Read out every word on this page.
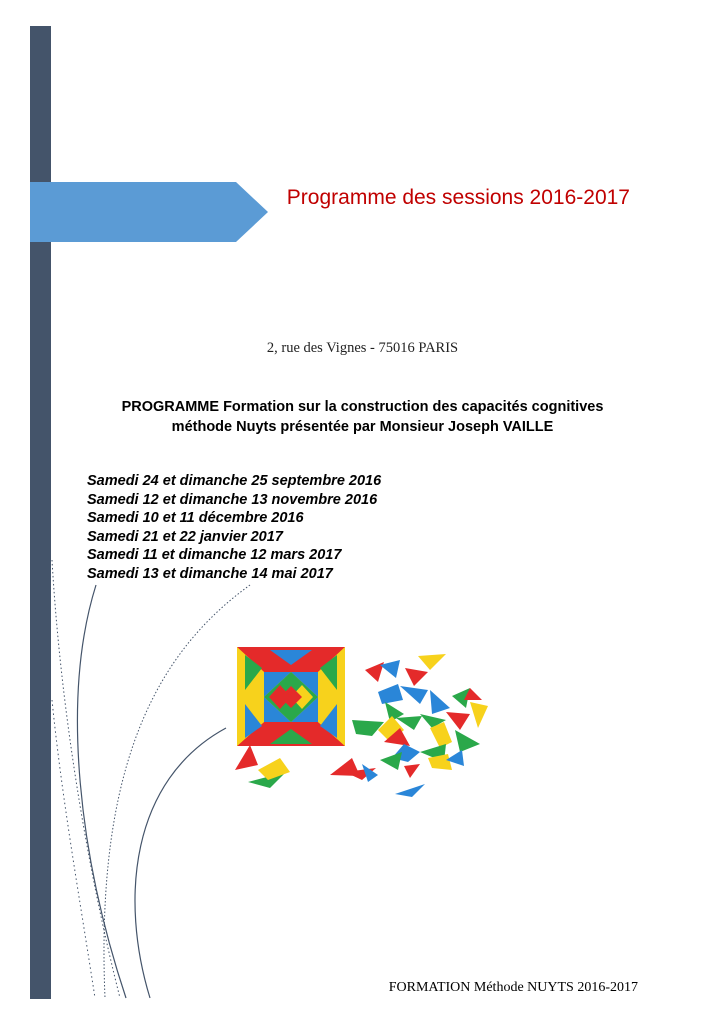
Programme des sessions 2016-2017
2, rue des Vignes - 75016 PARIS
PROGRAMME Formation sur la construction des capacités cognitives
méthode Nuyts présentée par Monsieur Joseph VAILLE
Samedi 24 et dimanche 25 septembre 2016
Samedi 12 et dimanche 13 novembre 2016
Samedi 10 et 11 décembre 2016
Samedi 21 et 22 janvier 2017
Samedi 11 et dimanche 12 mars 2017
Samedi 13 et dimanche 14 mai 2017
FORMATION Méthode NUYTS 2016-2017
